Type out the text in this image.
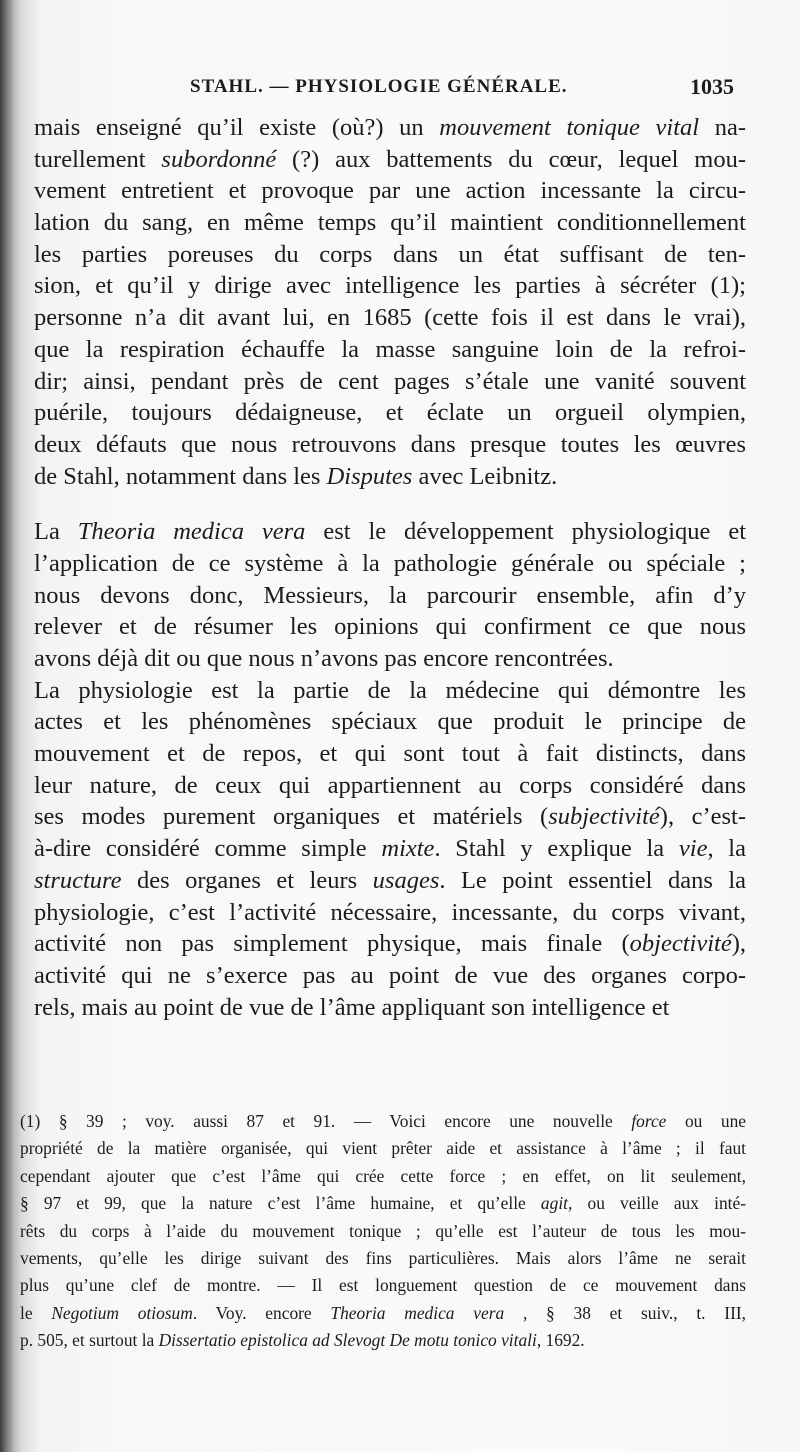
STAHL. — PHYSIOLOGIE GÉNÉRALE.	1035
mais enseigné qu’il existe (où?) un mouvement tonique vital na-
turellement subordonné (?) aux battements du cœur, lequel mou-
vement entretient et provoque par une action incessante la circu-
lation du sang, en même temps qu’il maintient conditionnellement
les parties poreuses du corps dans un état suffisant de ten-
sion, et qu’il y dirige avec intelligence les parties à sécréter (1);
personne n’a dit avant lui, en 1685 (cette fois il est dans le vrai),
que la respiration échauffe la masse sanguine loin de la refroi-
dir; ainsi, pendant près de cent pages s’étale une vanité souvent
puérile, toujours dédaigneuse, et éclate un orgueil olympien,
deux défauts que nous retrouvons dans presque toutes les œuvres
de Stahl, notamment dans les Disputes avec Leibnitz.
La Theoria medica vera est le développement physiologique et
l’application de ce système à la pathologie générale ou spéciale ;
nous devons donc, Messieurs, la parcourir ensemble, afin d’y
relever et de résumer les opinions qui confirment ce que nous
avons déjà dit ou que nous n’avons pas encore rencontrées.
La physiologie est la partie de la médecine qui démontre les
actes et les phénomènes spéciaux que produit le principe de
mouvement et de repos, et qui sont tout à fait distincts, dans
leur nature, de ceux qui appartiennent au corps considéré dans
ses modes purement organiques et matériels (subjectivité), c’est-
à-dire considéré comme simple mixte. Stahl y explique la vie, la
structure des organes et leurs usages. Le point essentiel dans la
physiologie, c’est l’activité nécessaire, incessante, du corps vivant,
activité non pas simplement physique, mais finale (objectivité),
activité qui ne s’exerce pas au point de vue des organes corpo-
rels, mais au point de vue de l’âme appliquant son intelligence et
(1) § 39 ; voy. aussi 87 et 91. — Voici encore une nouvelle force ou une
propriété de la matière organisée, qui vient prêter aide et assistance à l’âme ; il faut
cependant ajouter que c’est l’âme qui crée cette force ; en effet, on lit seulement,
§ 97 et 99, que la nature c’est l’âme humaine, et qu’elle agit, ou veille aux inté-
rêts du corps à l’aide du mouvement tonique ; qu’elle est l’auteur de tous les mou-
vements, qu’elle les dirige suivant des fins particulières. Mais alors l’âme ne serait
plus qu’une clef de montre. — Il est longuement question de ce mouvement dans
le Negotium otiosum. Voy. encore Theoria medica vera , § 38 et suiv., t. III,
p. 505, et surtout la Dissertatio epistolica ad Slevogt De motu tonico vitali, 1692.
